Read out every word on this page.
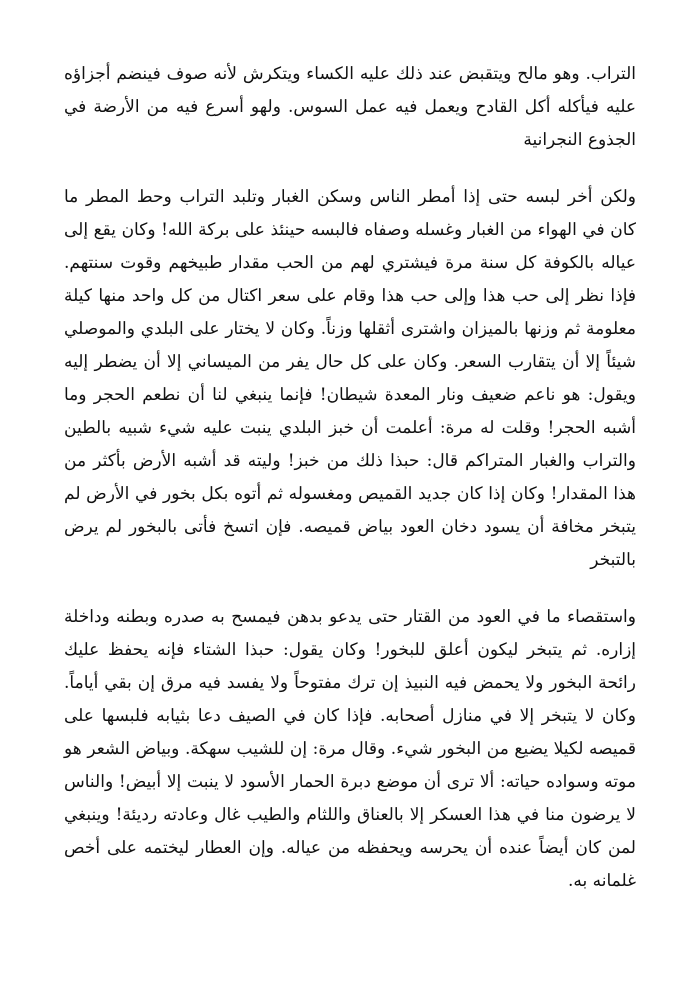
التراب. وهو مالح ويتقبض عند ذلك عليه الكساء ويتكرش لأنه صوف فينضم أجزاؤه عليه فيأكله أكل القادح ويعمل فيه عمل السوس. ولهو أسرع فيه من الأرضة في الجذوع النجرانية

ولكن أخر لبسه حتى إذا أمطر الناس وسكن الغبار وتلبد التراب وحط المطر ما كان في الهواء من الغبار وغسله وصفاه فالبسه حينئذ على بركة الله! وكان يقع إلى عياله بالكوفة كل سنة مرة فيشتري لهم من الحب مقدار طبيخهم وقوت سنتهم. فإذا نظر إلى حب هذا وإلى حب هذا وقام على سعر اكتال من كل واحد منها كيلة معلومة ثم وزنها بالميزان واشترى أثقلها وزناً. وكان لا يختار على البلدي والموصلي شيئاً إلا أن يتقارب السعر. وكان على كل حال يفر من الميساني إلا أن يضطر إليه ويقول: هو ناعم ضعيف ونار المعدة شيطان! فإنما ينبغي لنا أن نطعم الحجر وما أشبه الحجر! وقلت له مرة: أعلمت أن خبز البلدي ينبت عليه شيء شبيه بالطين والتراب والغبار المتراكم قال: حبذا ذلك من خبز! وليته قد أشبه الأرض بأكثر من هذا المقدار! وكان إذا كان جديد القميص ومغسوله ثم أتوه بكل بخور في الأرض لم يتبخر مخافة أن يسود دخان العود بياض قميصه. فإن اتسخ فأتى بالبخور لم يرض بالتبخر

واستقصاء ما في العود من القتار حتى يدعو بدهن فيمسح به صدره وبطنه وداخلة إزاره. ثم يتبخر ليكون أعلق للبخور! وكان يقول: حبذا الشتاء فإنه يحفظ عليك رائحة البخور ولا يحمض فيه النبيذ إن ترك مفتوحاً ولا يفسد فيه مرق إن بقي أياماً. وكان لا يتبخر إلا في منازل أصحابه. فإذا كان في الصيف دعا بثيابه فلبسها على قميصه لكيلا يضيع من البخور شيء. وقال مرة: إن للشيب سهكة. وبياض الشعر هو موته وسواده حياته: ألا ترى أن موضع دبرة الحمار الأسود لا ينبت إلا أبيض! والناس لا يرضون منا في هذا العسكر إلا بالعناق واللثام والطيب غال وعادته رديئة! وينبغي لمن كان أيضاً عنده أن يحرسه ويحفظه من عياله. وإن العطار ليختمه على أخص غلمانه به.
